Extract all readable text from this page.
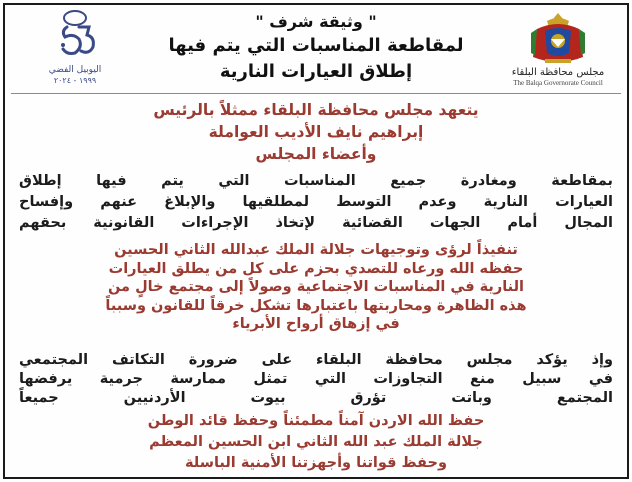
" وثيقة شرف "
لمقاطعة المناسبات التي يتم فيها
إطلاق العيارات النارية	مجلس محافظة البلقاء
The Balqa Governorate Council
اليوبيل الفضي
١٩٩٩ - ٢٠٢٤
يتعهد مجلس محافظة البلقاء ممثلاً بالرئيس
إبراهيم نايف الأديب العواملة
وأعضاء المجلس
بمقاطعة ومغادرة جميع المناسبات التي يتم فيها إطلاق
العيارات النارية وعدم التوسط لمطلقيها والإبلاغ عنهم وإفساح
المجال أمام الجهات القضائية لإتخاذ الإجراءات القانونية بحقهم
تنفيذاً لرؤى وتوجيهات جلالة الملك عبدالله الثاني الحسين
حفظه الله ورعاه للتصدي بحزم على كل من يطلق العيارات
النارية في المناسبات الاجتماعية وصولاً إلى مجتمع خالٍ من
هذه الظاهرة ومحاربتها باعتبارها تشكل خرقاً للقانون وسبباً
في إزهاق أرواح الأبرياء
وإذ يؤكد مجلس محافظة البلقاء على ضرورة التكاتف المجتمعي
في سبيل منع التجاوزات التي تمثل ممارسة جرمية يرفضها
المجتمع وباتت تؤرق بيوت الأردنيين جميعاً
حفظ الله الاردن آمناً مطمئناً وحفظ قائد الوطن
جلالة الملك عبد الله الثاني ابن الحسين المعظم
وحفظ قواتنا وأجهزتنا الأمنية الباسلة
